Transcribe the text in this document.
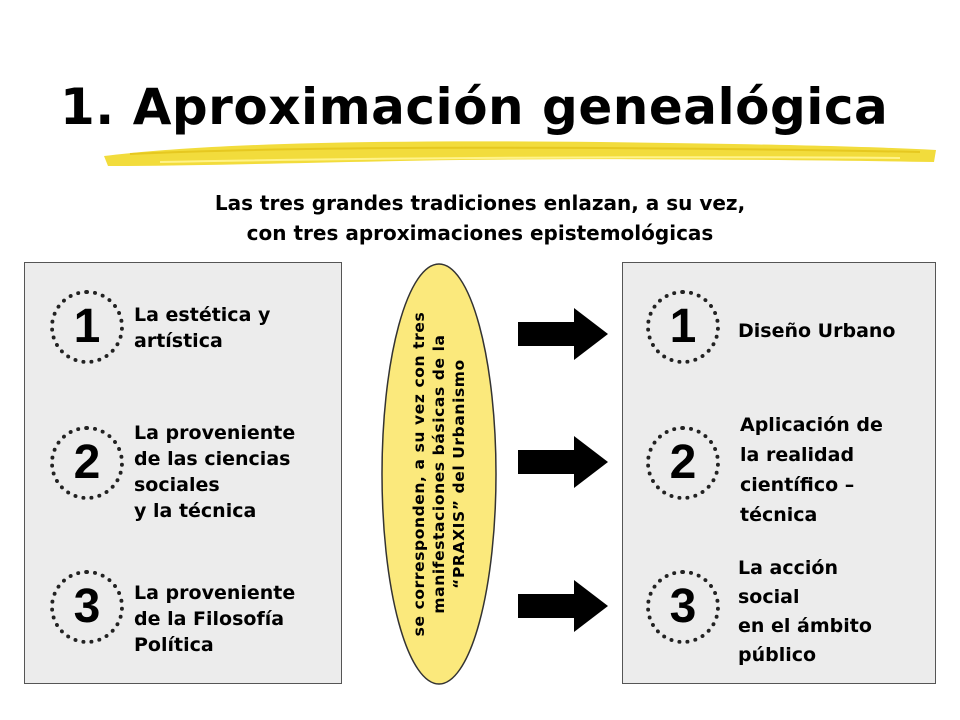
1. Aproximación genealógica
Las tres grandes tradiciones enlazan, a su vez,
con tres aproximaciones epistemológicas
1 La estética y
artística
2
La proveniente
de las ciencias
sociales
y la técnica
3 La proveniente
de la Filosofía
Política
se corresponden, a su vez con tres manifestaciones básicas de la “PRAXIS” del Urbanismo
1 Diseño Urbano
2
Aplicación de
la realidad
científico –
técnica
3
La acción
social
en el ámbito
público
